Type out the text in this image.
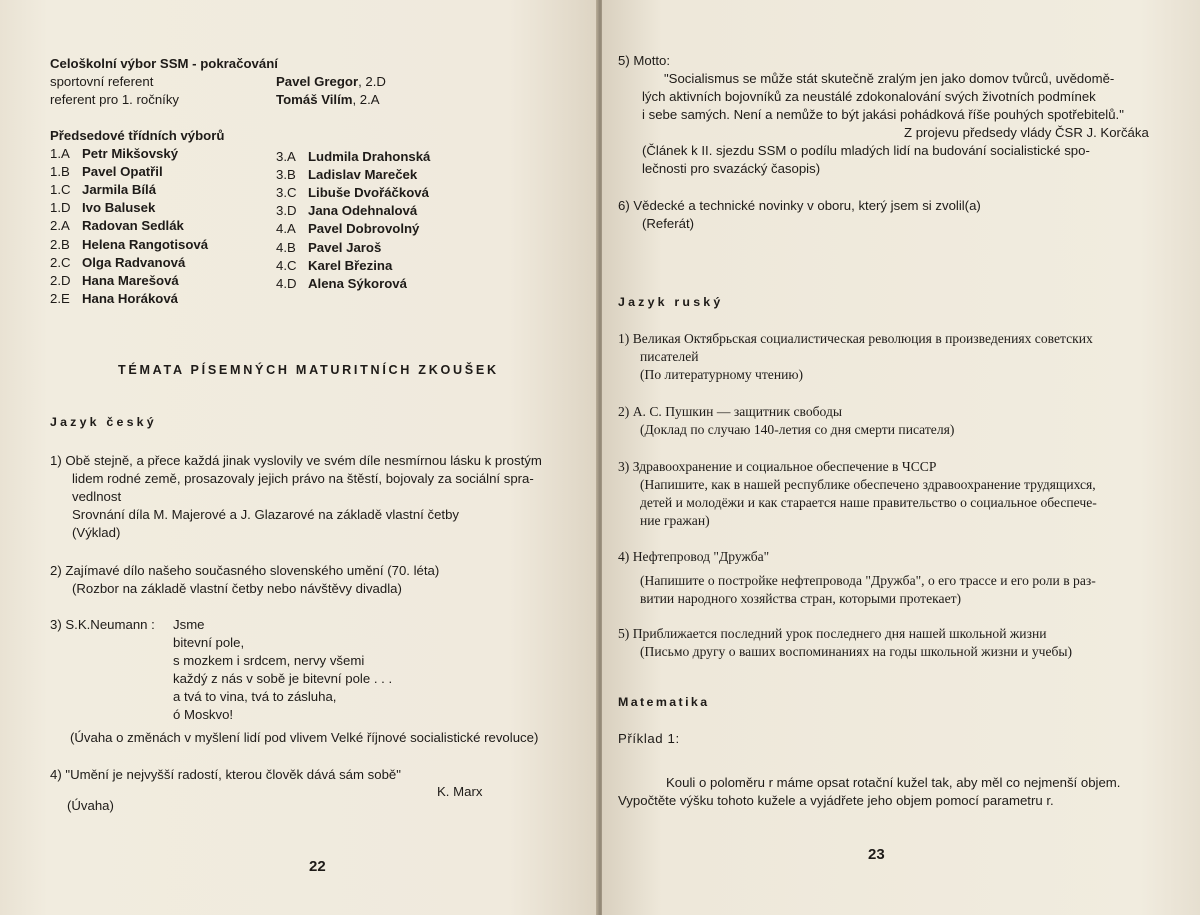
Celoškolní výbor SSM - pokračování
sportovní referent	Pavel Gregor, 2.D
referent pro 1. ročníky	Tomáš Vilím, 2.A
Předsedové třídních výborů
1.A Petr Mikšovský
1.B Pavel Opatřil
1.C Jarmila Bílá
1.D Ivo Balusek
2.A Radovan Sedlák
2.B Helena Rangotisová
2.C Olga Radvanová
2.D Hana Marešová
2.E Hana Horáková
3.A Ludmila Drahonská
3.B Ladislav Mareček
3.C Libuše Dvořáčková
3.D Jana Odehnalová
4.A Pavel Dobrovolný
4.B Pavel Jaroš
4.C Karel Březina
4.D Alena Sýkorová
TÉMATA PÍSEMNÝCH MATURITNÍCH ZKOUŠEK
Jazyk český
1) Obě stejně, a přece každá jinak vyslovily ve svém díle nesmírnou lásku k prostým
lidem rodné země, prosazovaly jejich právo na štěstí, bojovaly za sociální spra-
vedlnost
Srovnání díla M. Majerové a J. Glazarové na základě vlastní četby
(Výklad)
2) Zajímavé dílo našeho současného slovenského umění (70. léta)
(Rozbor na základě vlastní četby nebo návštěvy divadla)
3) S.K.Neumann : Jsme
bitevní pole,
s mozkem i srdcem, nervy všemi
každý z nás v sobě je bitevní pole . . .
a tvá to vina, tvá to zásluha,
ó Moskvo!
(Úvaha o změnách v myšlení lidí pod vlivem Velké říjnové socialistické revoluce)
4) "Umění je nejvyšší radostí, kterou člověk dává sám sobě"
K. Marx
(Úvaha)
22
5) Motto:
"Socialismus se může stát skutečně zralým jen jako domov tvůrců, uvědomě-
lých aktivních bojovníků za neustálé zdokonalování svých životních podmínek
i sebe samých. Není a nemůže to být jakási pohádková říše pouhých spotřebitelů."
Z projevu předsedy vlády ČSR J. Korčáka
(Článek k II. sjezdu SSM o podílu mladých lidí na budování socialistické spo-
lečnosti pro svazácký časopis)
6) Vědecké a technické novinky v oboru, který jsem si zvolil(a)
(Referát)
Jazyk ruský
1) Великая Октябрьская социалистическая революция в произведениях советских
писателей
(По литературному чтению)
2) А. С. Пушкин — защитник свободы
(Доклад по случаю 140-летия со дня смерти писателя)
3) Здравоохранение и социальное обеспечение в ЧССР
(Напишите, как в нашей республике обеспечено здравоохранение трудящихся,
детей и молодёжи и как старается наше правительство о социальное обеспече-
ние гражан)
4) Нефтепровод "Дружба"
(Напишите о постройке нефтепровода "Дружба", о его трассе и его роли в раз-
витии народного хозяйства стран, которыми протекает)
5) Приближается последний урок последнего дня нашей школьной жизни
(Письмо другу о ваших воспоминаниях на годы школьной жизни и учебы)
Matematika
Příklad 1:
Kouli o poloměru r máme opsat rotační kužel tak, aby měl co nejmenší objem.
Vypočtěte výšku tohoto kužele a vyjádřete jeho objem pomocí parametru r.
23
